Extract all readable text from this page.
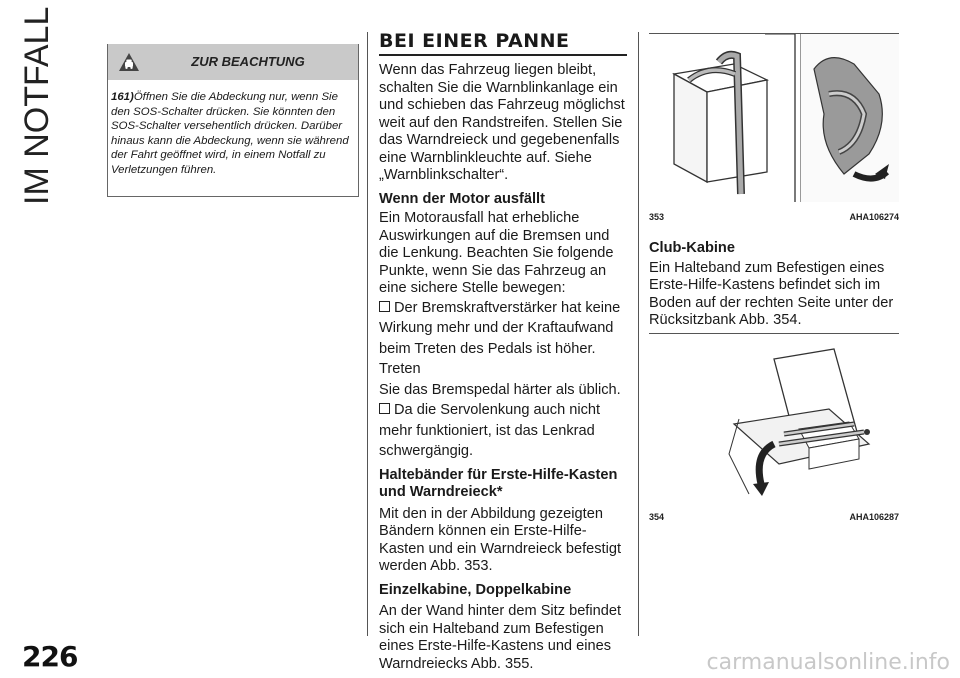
IM NOTFALL	ZUR BEACHTUNG
161)Öffnen Sie die Abdeckung nur, wenn Sie den SOS-Schalter drücken. Sie könnten den SOS-Schalter versehentlich drücken. Darüber hinaus kann die Abdeckung, wenn sie während der Fahrt geöffnet wird, in einem Notfall zu Verletzungen führen.
BEI EINER PANNE

Wenn das Fahrzeug liegen bleibt, schalten Sie die Warnblinkanlage ein und schieben das Fahrzeug möglichst weit auf den Randstreifen. Stellen Sie das Warndreieck und gegebenenfalls eine Warnblinkleuchte auf. Siehe „Warnblinkschalter“.

Wenn der Motor ausfällt

Ein Motorausfall hat erhebliche Auswirkungen auf die Bremsen und die Lenkung. Beachten Sie folgende Punkte, wenn Sie das Fahrzeug an eine sichere Stelle bewegen:

Der Bremskraftverstärker hat keine

Wirkung mehr und der Kraftaufwand

beim Treten des Pedals ist höher. Treten

Sie das Bremspedal härter als üblich.

Da die Servolenkung auch nicht

mehr funktioniert, ist das Lenkrad

schwergängig.

Haltebänder für Erste-Hilfe-Kasten und Warndreieck*

Mit den in der Abbildung gezeigten Bändern können ein Erste-Hilfe-Kasten und ein Warndreieck befestigt werden Abb. 353.

Einzelkabine, Doppelkabine

An der Wand hinter dem Sitz befindet sich ein Halteband zum Befestigen eines Erste-Hilfe-Kastens und eines Warndreiecks Abb. 355.

353	AHA106274

Club-Kabine

Ein Halteband zum Befestigen eines Erste-Hilfe-Kastens befindet sich im Boden auf der rechten Seite unter der Rücksitzbank Abb. 354.

354	AHA106287
226	carmanualsonline.info
